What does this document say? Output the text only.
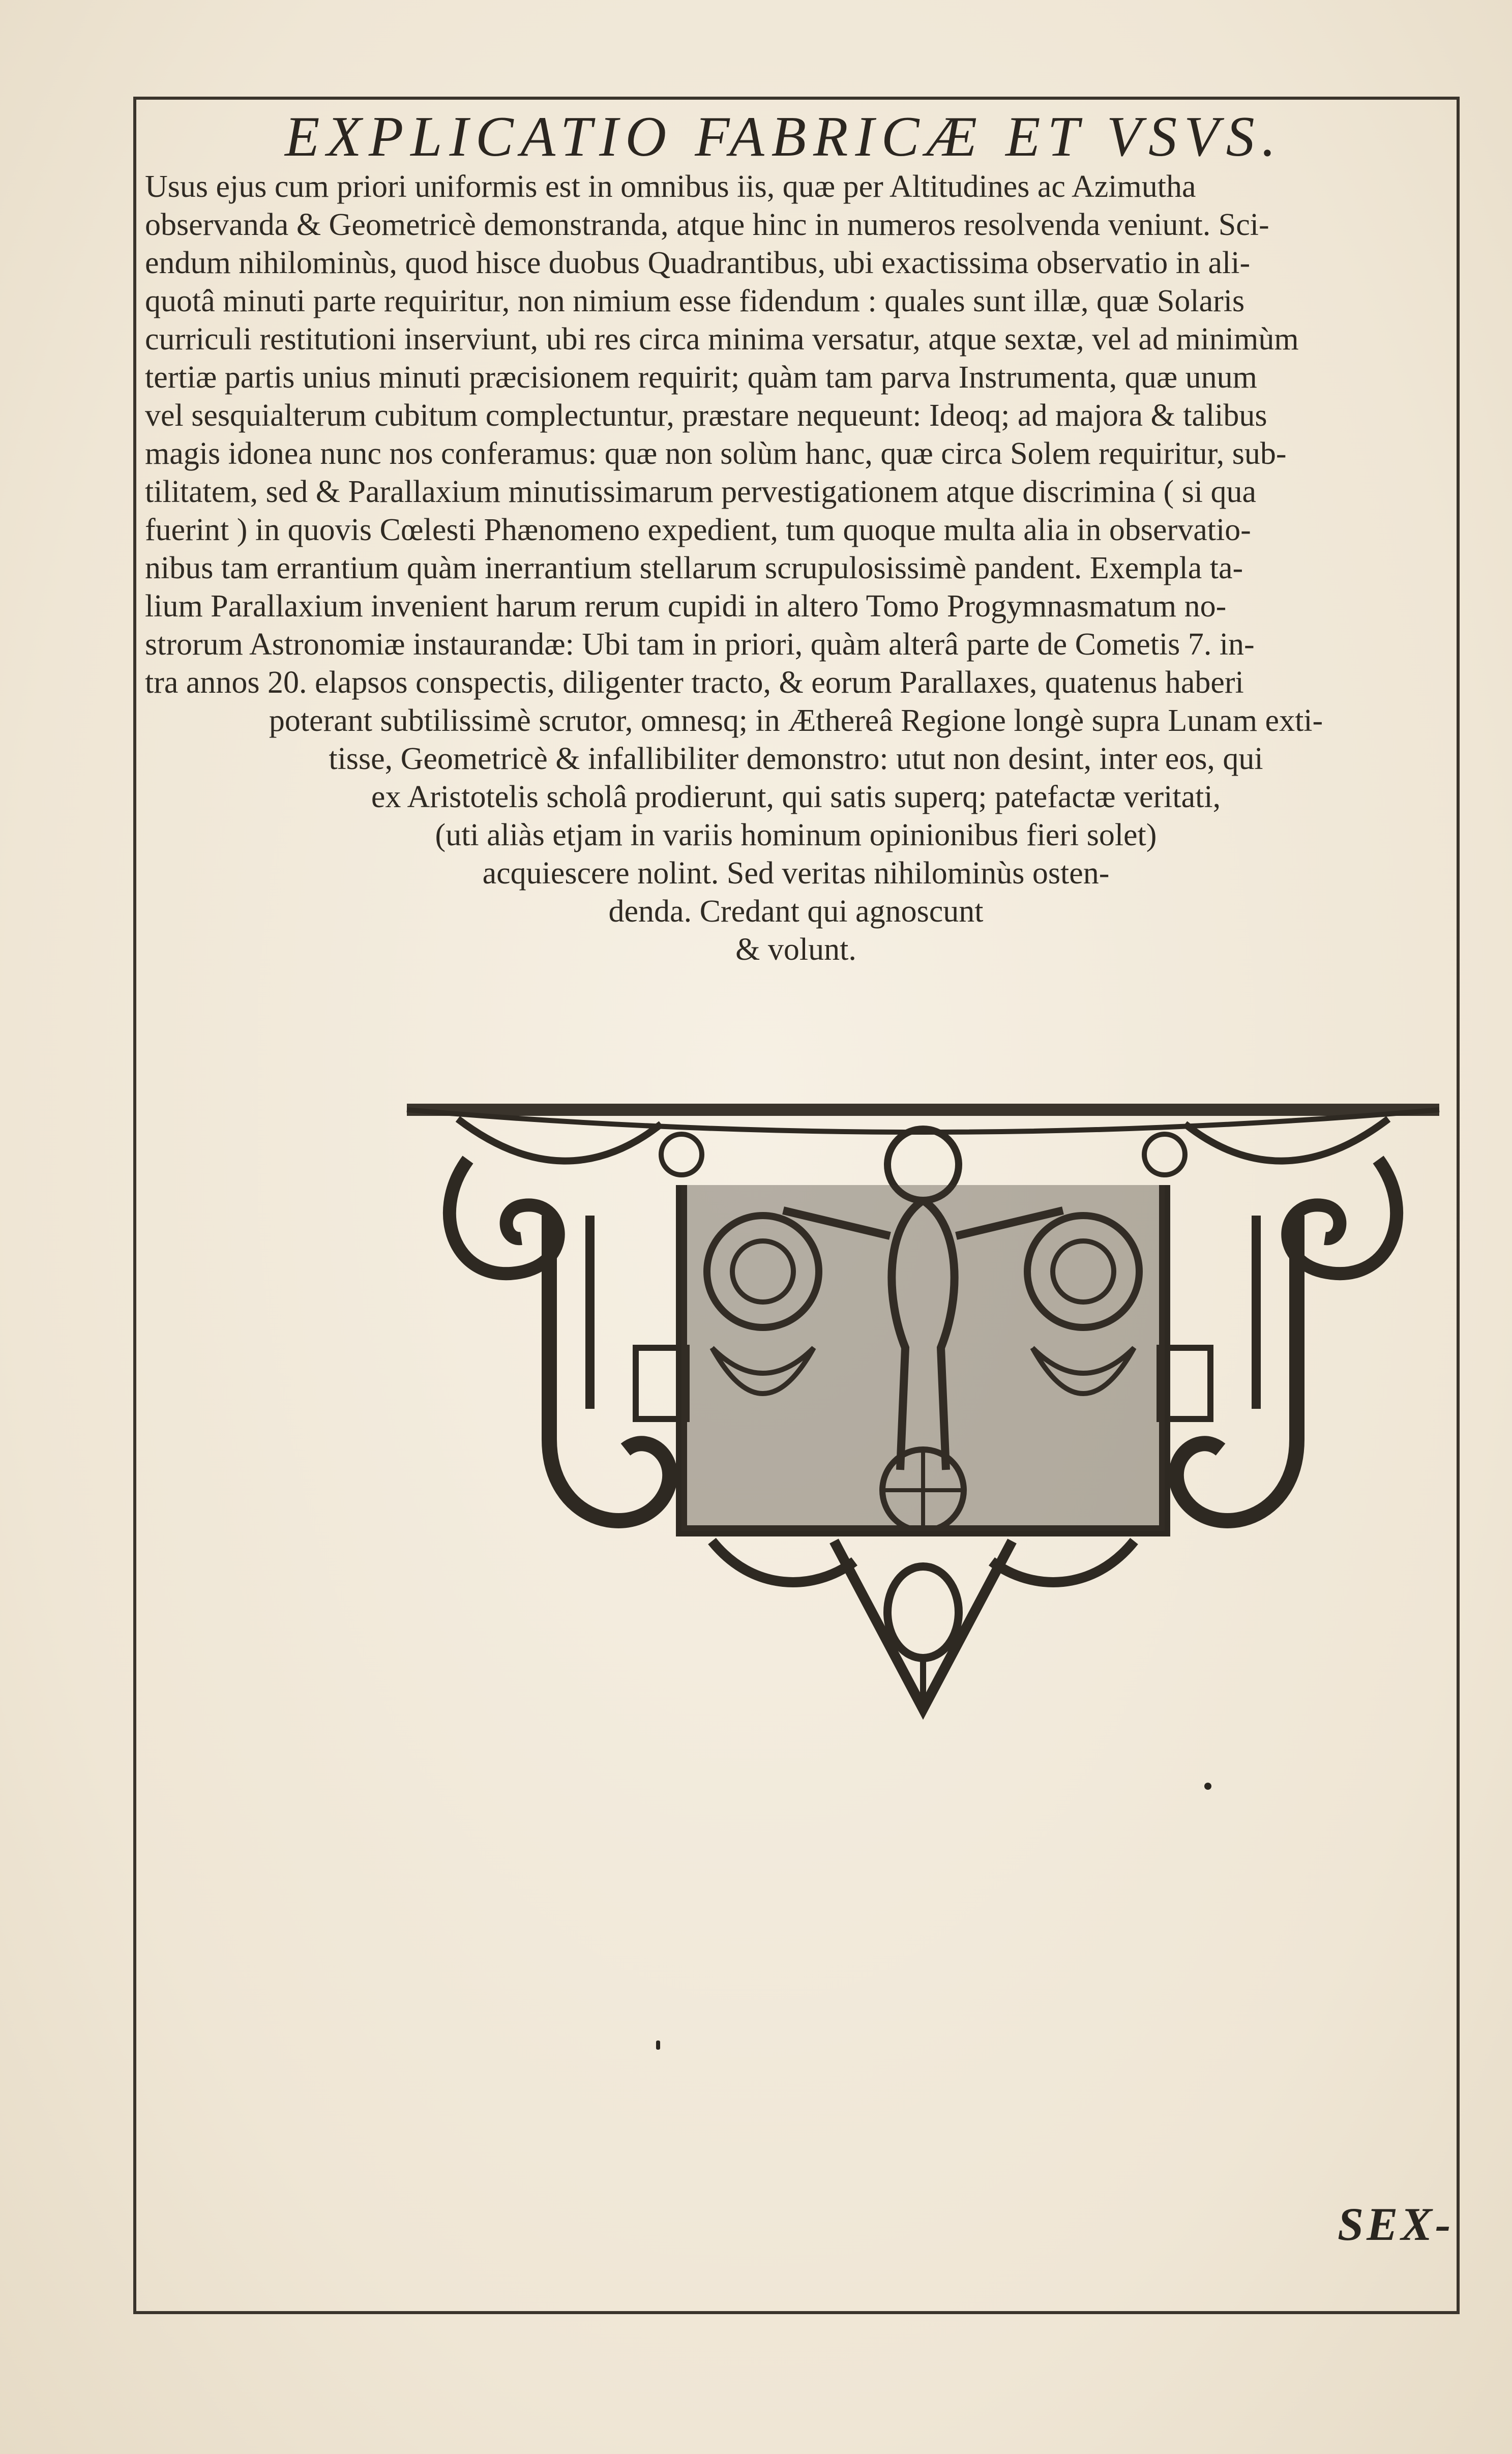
EXPLICATIO FABRICÆ ET VSVS.
Usus ejus cum priori uniformis est in omnibus iis, quæ per Altitudines ac Azimutha
observanda & Geometricè demonstranda, atque hinc in numeros resolvenda veniunt. Sci-
endum nihilominùs, quod hisce duobus Quadrantibus, ubi exactissima observatio in ali-
quotâ minuti parte requiritur, non nimium esse fidendum : quales sunt illæ, quæ Solaris
curriculi restitutioni inserviunt, ubi res circa minima versatur, atque sextæ, vel ad minimùm
tertiæ partis unius minuti præcisionem requirit; quàm tam parva Instrumenta, quæ unum
vel sesquialterum cubitum complectuntur, præstare nequeunt: Ideoq; ad majora & talibus
magis idonea nunc nos conferamus: quæ non solùm hanc, quæ circa Solem requiritur, sub-
tilitatem, sed & Parallaxium minutissimarum pervestigationem atque discrimina ( si qua
fuerint ) in quovis Cœlesti Phænomeno expedient, tum quoque multa alia in observatio-
nibus tam errantium quàm inerrantium stellarum scrupulosissimè pandent. Exempla ta-
lium Parallaxium invenient harum rerum cupidi in altero Tomo Progymnasmatum no-
strorum Astronomiæ instaurandæ: Ubi tam in priori, quàm alterâ parte de Cometis 7. in-
tra annos 20. elapsos conspectis, diligenter tracto, & eorum Parallaxes, quatenus haberi
poterant subtilissimè scrutor, omnesq; in Æthereâ Regione longè supra Lunam exti-
tisse, Geometricè & infallibiliter demonstro: utut non desint, inter eos, qui
ex Aristotelis scholâ prodierunt, qui satis superq; patefactæ veritati,
(uti aliàs etjam in variis hominum opinionibus fieri solet)
acquiescere nolint. Sed veritas nihilominùs osten-
denda. Credant qui agnoscunt
& volunt.
SEX-
